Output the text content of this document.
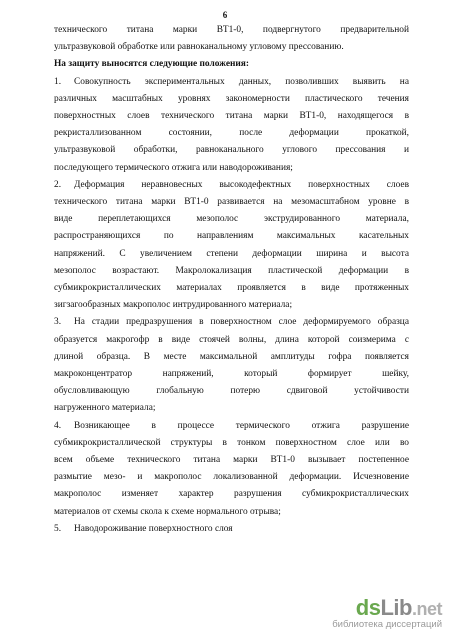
6
технического титана марки ВТ1-0, подвергнутого предварительной
ультразвуковой обработке или равноканальному угловому прессованию.
На защиту выносятся следующие положения:
1. Совокупность экспериментальных данных, позволивших выявить на
различных масштабных уровнях закономерности пластического течения
поверхностных слоев технического титана марки ВТ1-0, находящегося в
рекристаллизованном состоянии, после деформации прокаткой,
ультразвуковой обработки, равноканального углового прессования и
последующего термического отжига или наводороживания;
2. Деформация неравновесных высокодефектных поверхностных слоев
технического титана марки ВТ1-0 развивается на мезомасштабном уровне в
виде переплетающихся мезополос экструдированного материала,
распространяющихся по направлениям максимальных касательных
напряжений. С увеличением степени деформации ширина и высота
мезополос возрастают. Макролокализация пластической деформации в
субмикрокристаллических материалах проявляется в виде протяженных
зигзагообразных макрополос интрудированного материала;
3. На стадии предразрушения в поверхностном слое деформируемого образца
образуется макрогофр в виде стоячей волны, длина которой соизмерима с
длиной образца. В месте максимальной амплитуды гофра появляется
макроконцентратор напряжений, который формирует шейку,
обусловливающую глобальную потерю сдвиговой устойчивости
нагруженного материала;
4. Возникающее в процессе термического отжига разрушение
субмикрокристаллической структуры в тонком поверхностном слое или во
всем объеме технического титана марки ВТ1-0 вызывает постепенное
размытие мезо- и макрополос локализованной деформации. Исчезновение
макрополос изменяет характер разрушения субмикрокристаллических
материалов от схемы скола к схеме нормального отрыва;
5. Наводороживание поверхностного слоя
dsLib.net
библиотека диссертаций
